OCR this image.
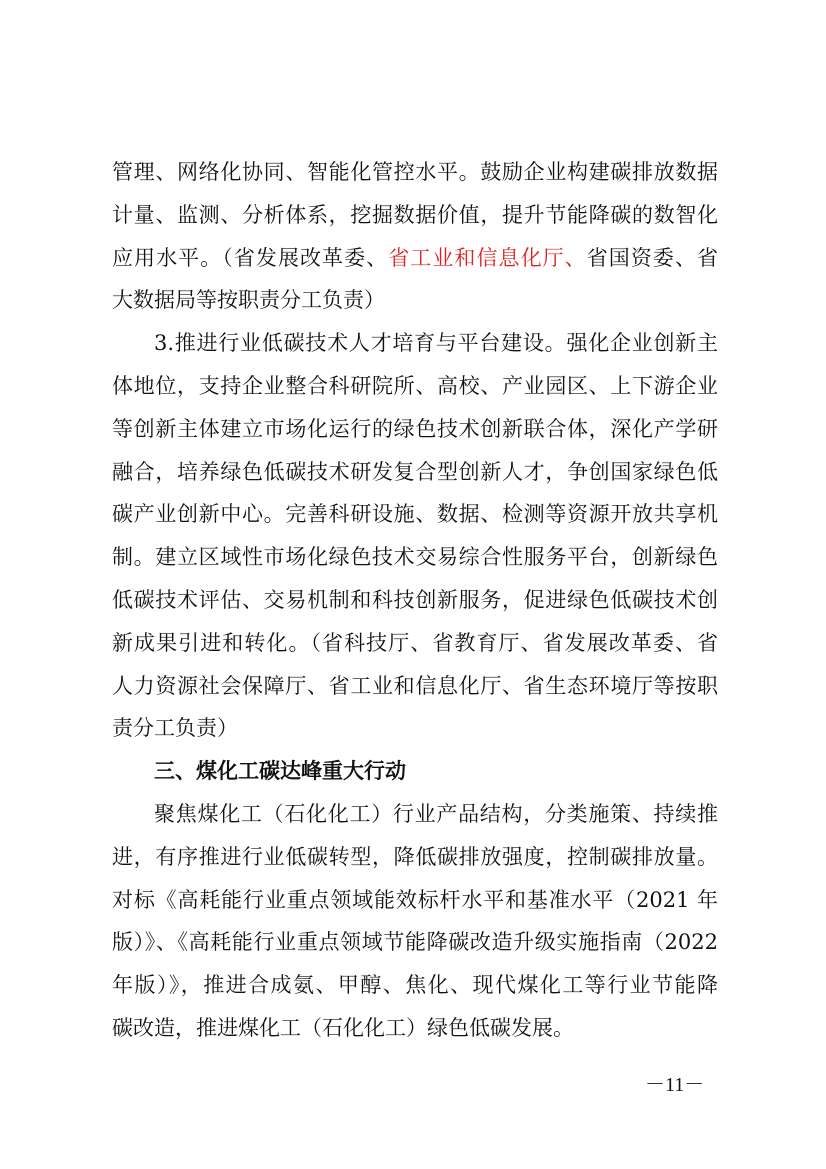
管理、网络化协同、智能化管控水平。鼓励企业构建碳排放数据
计量、监测、分析体系，挖掘数据价值，提升节能降碳的数智化
应用水平。（省发展改革委、省工业和信息化厅、省国资委、省
大数据局等按职责分工负责）
3.推进行业低碳技术人才培育与平台建设。强化企业创新主
体地位，支持企业整合科研院所、高校、产业园区、上下游企业
等创新主体建立市场化运行的绿色技术创新联合体，深化产学研
融合，培养绿色低碳技术研发复合型创新人才，争创国家绿色低
碳产业创新中心。完善科研设施、数据、检测等资源开放共享机
制。建立区域性市场化绿色技术交易综合性服务平台，创新绿色
低碳技术评估、交易机制和科技创新服务，促进绿色低碳技术创
新成果引进和转化。（省科技厅、省教育厅、省发展改革委、省
人力资源社会保障厅、省工业和信息化厅、省生态环境厅等按职
责分工负责）
三、煤化工碳达峰重大行动
聚焦煤化工（石化化工）行业产品结构，分类施策、持续推
进，有序推进行业低碳转型，降低碳排放强度，控制碳排放量。
对标《高耗能行业重点领域能效标杆水平和基准水平（2021 年
版）》、《高耗能行业重点领域节能降碳改造升级实施指南（2022
年版）》，推进合成氨、甲醇、焦化、现代煤化工等行业节能降
碳改造，推进煤化工（石化化工）绿色低碳发展。
－11－
